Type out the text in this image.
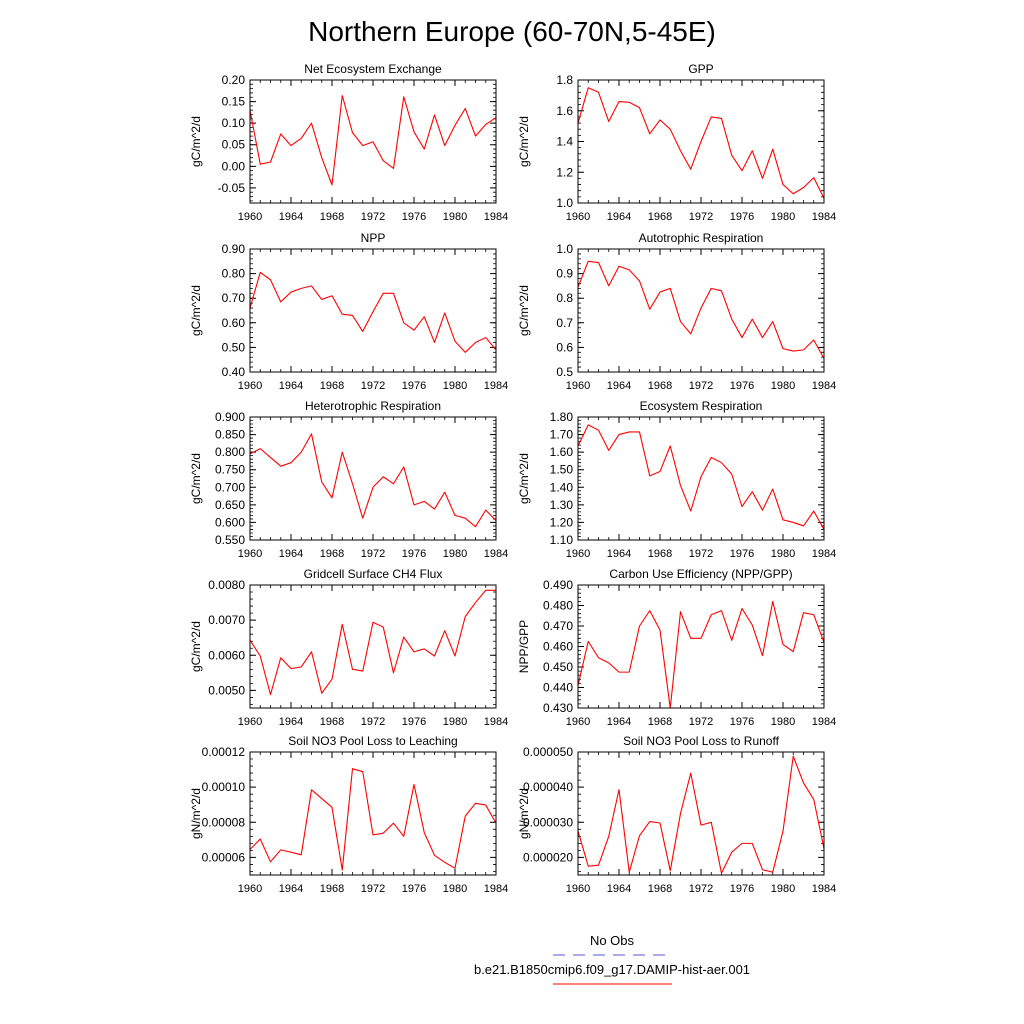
Northern Europe (60-70N,5-45E)
Net Ecosystem Exchange
1960 1964 1968 1972 1976 1980 1984
-0.05
0.00
0.05
0.10
0.15
0.20
gC/m^2/d
GPP
1960 1964 1968 1972 1976 1980 1984
1.0
1.2
1.4
1.6
1.8
gC/m^2/d
NPP
1960 1964 1968 1972 1976 1980 1984
0.40
0.50
0.60
0.70
0.80
0.90
gC/m^2/d
Autotrophic Respiration
1960 1964 1968 1972 1976 1980 1984
0.5
0.6
0.7
0.8
0.9
1.0
gC/m^2/d
Heterotrophic Respiration
1960 1964 1968 1972 1976 1980 1984
0.550
0.600
0.650
0.700
0.750
0.800
0.850
0.900
gC/m^2/d
Ecosystem Respiration
1960 1964 1968 1972 1976 1980 1984
1.10
1.20
1.30
1.40
1.50
1.60
1.70
1.80
gC/m^2/d
Gridcell Surface CH4 Flux
1960 1964 1968 1972 1976 1980 1984
0.0050
0.0060
0.0070
0.0080
gC/m^2/d
Carbon Use Efficiency (NPP/GPP)
1960 1964 1968 1972 1976 1980 1984
0.430
0.440
0.450
0.460
0.470
0.480
0.490
NPP/GPP
Soil NO3 Pool Loss to Leaching
1960 1964 1968 1972 1976 1980 1984
0.00006
0.00008
0.00010
0.00012
gN/m^2/d
Soil NO3 Pool Loss to Runoff
1960 1964 1968 1972 1976 1980 1984
0.000020
0.000030
0.000040
0.000050
gN/m^2/d
No Obs
b.e21.B1850cmip6.f09_g17.DAMIP-hist-aer.001
